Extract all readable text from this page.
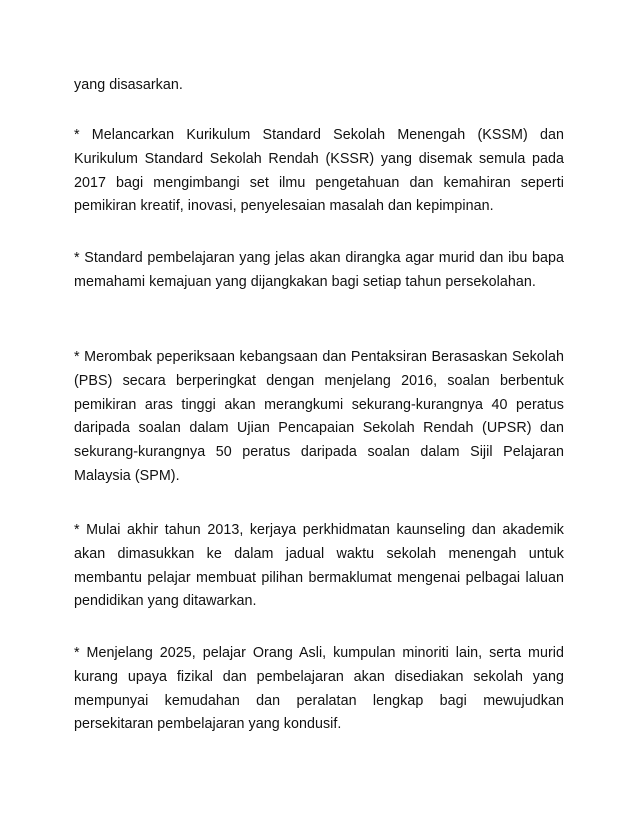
yang disasarkan.

* Melancarkan Kurikulum Standard Sekolah Menengah (KSSM) dan Kurikulum Standard Sekolah Rendah (KSSR) yang disemak semula pada 2017 bagi mengimbangi set ilmu pengetahuan dan kemahiran seperti pemikiran kreatif, inovasi, penyelesaian masalah dan kepimpinan.

* Standard pembelajaran yang jelas akan dirangka agar murid dan ibu bapa memahami kemajuan yang dijangkakan bagi setiap tahun persekolahan.

* Merombak peperiksaan kebangsaan dan Pentaksiran Berasaskan Sekolah (PBS) secara berperingkat dengan menjelang 2016, soalan berbentuk pemikiran aras tinggi akan merangkumi sekurang-kurangnya 40 peratus daripada soalan dalam Ujian Pencapaian Sekolah Rendah (UPSR) dan sekurang-kurangnya 50 peratus daripada soalan dalam Sijil Pelajaran Malaysia (SPM).

* Mulai akhir tahun 2013, kerjaya perkhidmatan kaunseling dan akademik akan dimasukkan ke dalam jadual waktu sekolah menengah untuk membantu pelajar membuat pilihan bermaklumat mengenai pelbagai laluan pendidikan yang ditawarkan.

* Menjelang 2025, pelajar Orang Asli, kumpulan minoriti lain, serta murid kurang upaya fizikal dan pembelajaran akan disediakan sekolah yang mempunyai kemudahan dan peralatan lengkap bagi mewujudkan persekitaran pembelajaran yang kondusif.
